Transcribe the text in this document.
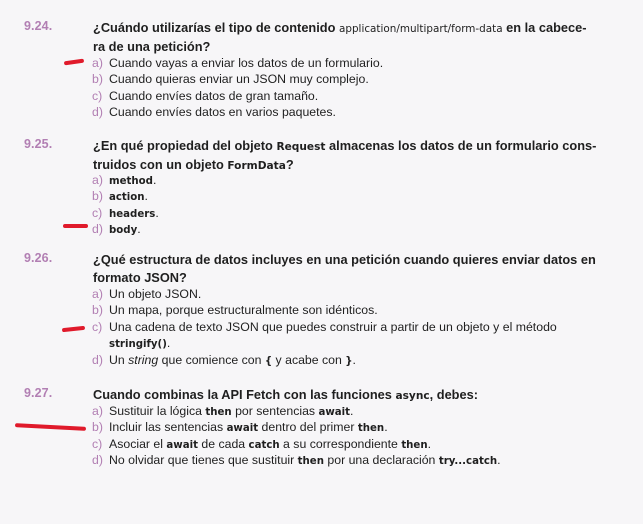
9.24.	¿Cuándo utilizarías el tipo de contenido application/multipart/form-data en la cabece-
ra de una petición?
a) Cuando vayas a enviar los datos de un formulario.
b) Cuando quieras enviar un JSON muy complejo.
c) Cuando envíes datos de gran tamaño.
d) Cuando envíes datos en varios paquetes.
9.25.	¿En qué propiedad del objeto Request almacenas los datos de un formulario cons-
truidos con un objeto FormData?
a) method.
b) action.
c) headers.
d) body.
9.26.	¿Qué estructura de datos incluyes en una petición cuando quieres enviar datos en
formato JSON?
a) Un objeto JSON.
b) Un mapa, porque estructuralmente son idénticos.
c) Una cadena de texto JSON que puedes construir a partir de un objeto y el método
stringify().
d) Un string que comience con { y acabe con }.
9.27.	Cuando combinas la API Fetch con las funciones async, debes:
a) Sustituir la lógica then por sentencias await.
b) Incluir las sentencias await dentro del primer then.
c) Asociar el await de cada catch a su correspondiente then.
d) No olvidar que tienes que sustituir then por una declaración try...catch.
